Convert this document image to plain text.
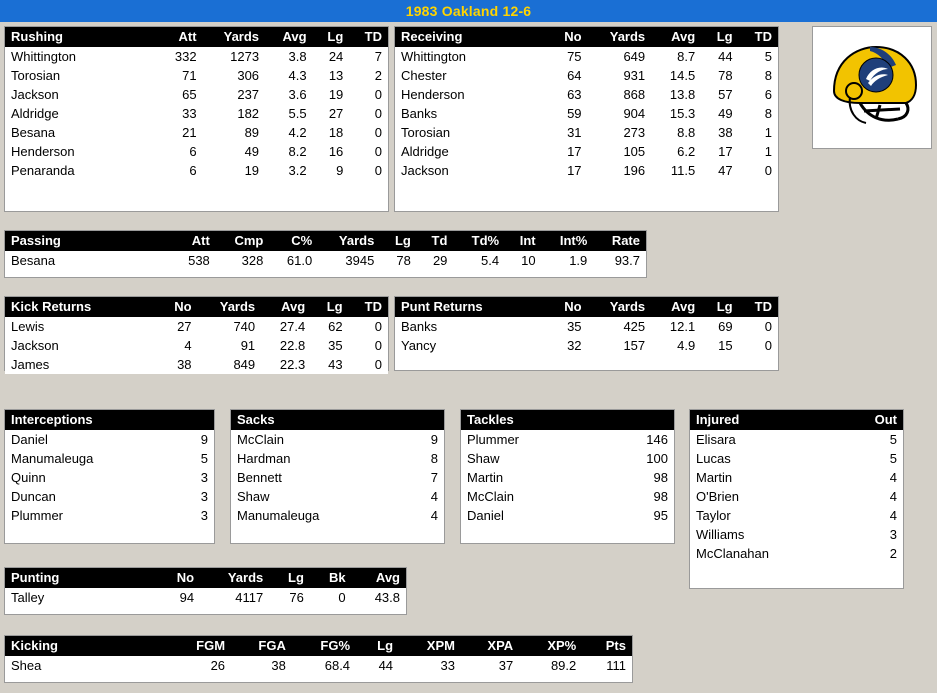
1983 Oakland 12-6
Rushing	Att	Yards	Avg	Lg	TD
Whittington	332	1273	3.8	24	7
Torosian	71	306	4.3	13	2
Jackson	65	237	3.6	19	0
Aldridge	33	182	5.5	27	0
Besana	21	89	4.2	18	0
Henderson	6	49	8.2	16	0
Penaranda	6	19	3.2	9	0
Receiving	No	Yards	Avg	Lg	TD
Whittington	75	649	8.7	44	5
Chester	64	931	14.5	78	8
Henderson	63	868	13.8	57	6
Banks	59	904	15.3	49	8
Torosian	31	273	8.8	38	1
Aldridge	17	105	6.2	17	1
Jackson	17	196	11.5	47	0
Passing	Att	Cmp	C%	Yards	Lg	Td	Td%	Int	Int%	Rate
Besana	538	328	61.0	3945	78	29	5.4	10	1.9	93.7
Kick Returns	No	Yards	Avg	Lg	TD
Lewis	27	740	27.4	62	0
Jackson	4	91	22.8	35	0
James	38	849	22.3	43	0
Punt Returns	No	Yards	Avg	Lg	TD
Banks	35	425	12.1	69	0
Yancy	32	157	4.9	15	0
Interceptions	
Daniel	9
Manumaleuga	5
Quinn	3
Duncan	3
Plummer	3
Sacks	
McClain	9
Hardman	8
Bennett	7
Shaw	4
Manumaleuga	4
Tackles	
Plummer	146
Shaw	100
Martin	98
McClain	98
Daniel	95
Injured	Out
Elisara	5
Lucas	5
Martin	4
O'Brien	4
Taylor	4
Williams	3
McClanahan	2
Punting	No	Yards	Lg	Bk	Avg
Talley	94	4117	76	0	43.8
Kicking	FGM	FGA	FG%	Lg	XPM	XPA	XP%	Pts
Shea	26	38	68.4	44	33	37	89.2	111
